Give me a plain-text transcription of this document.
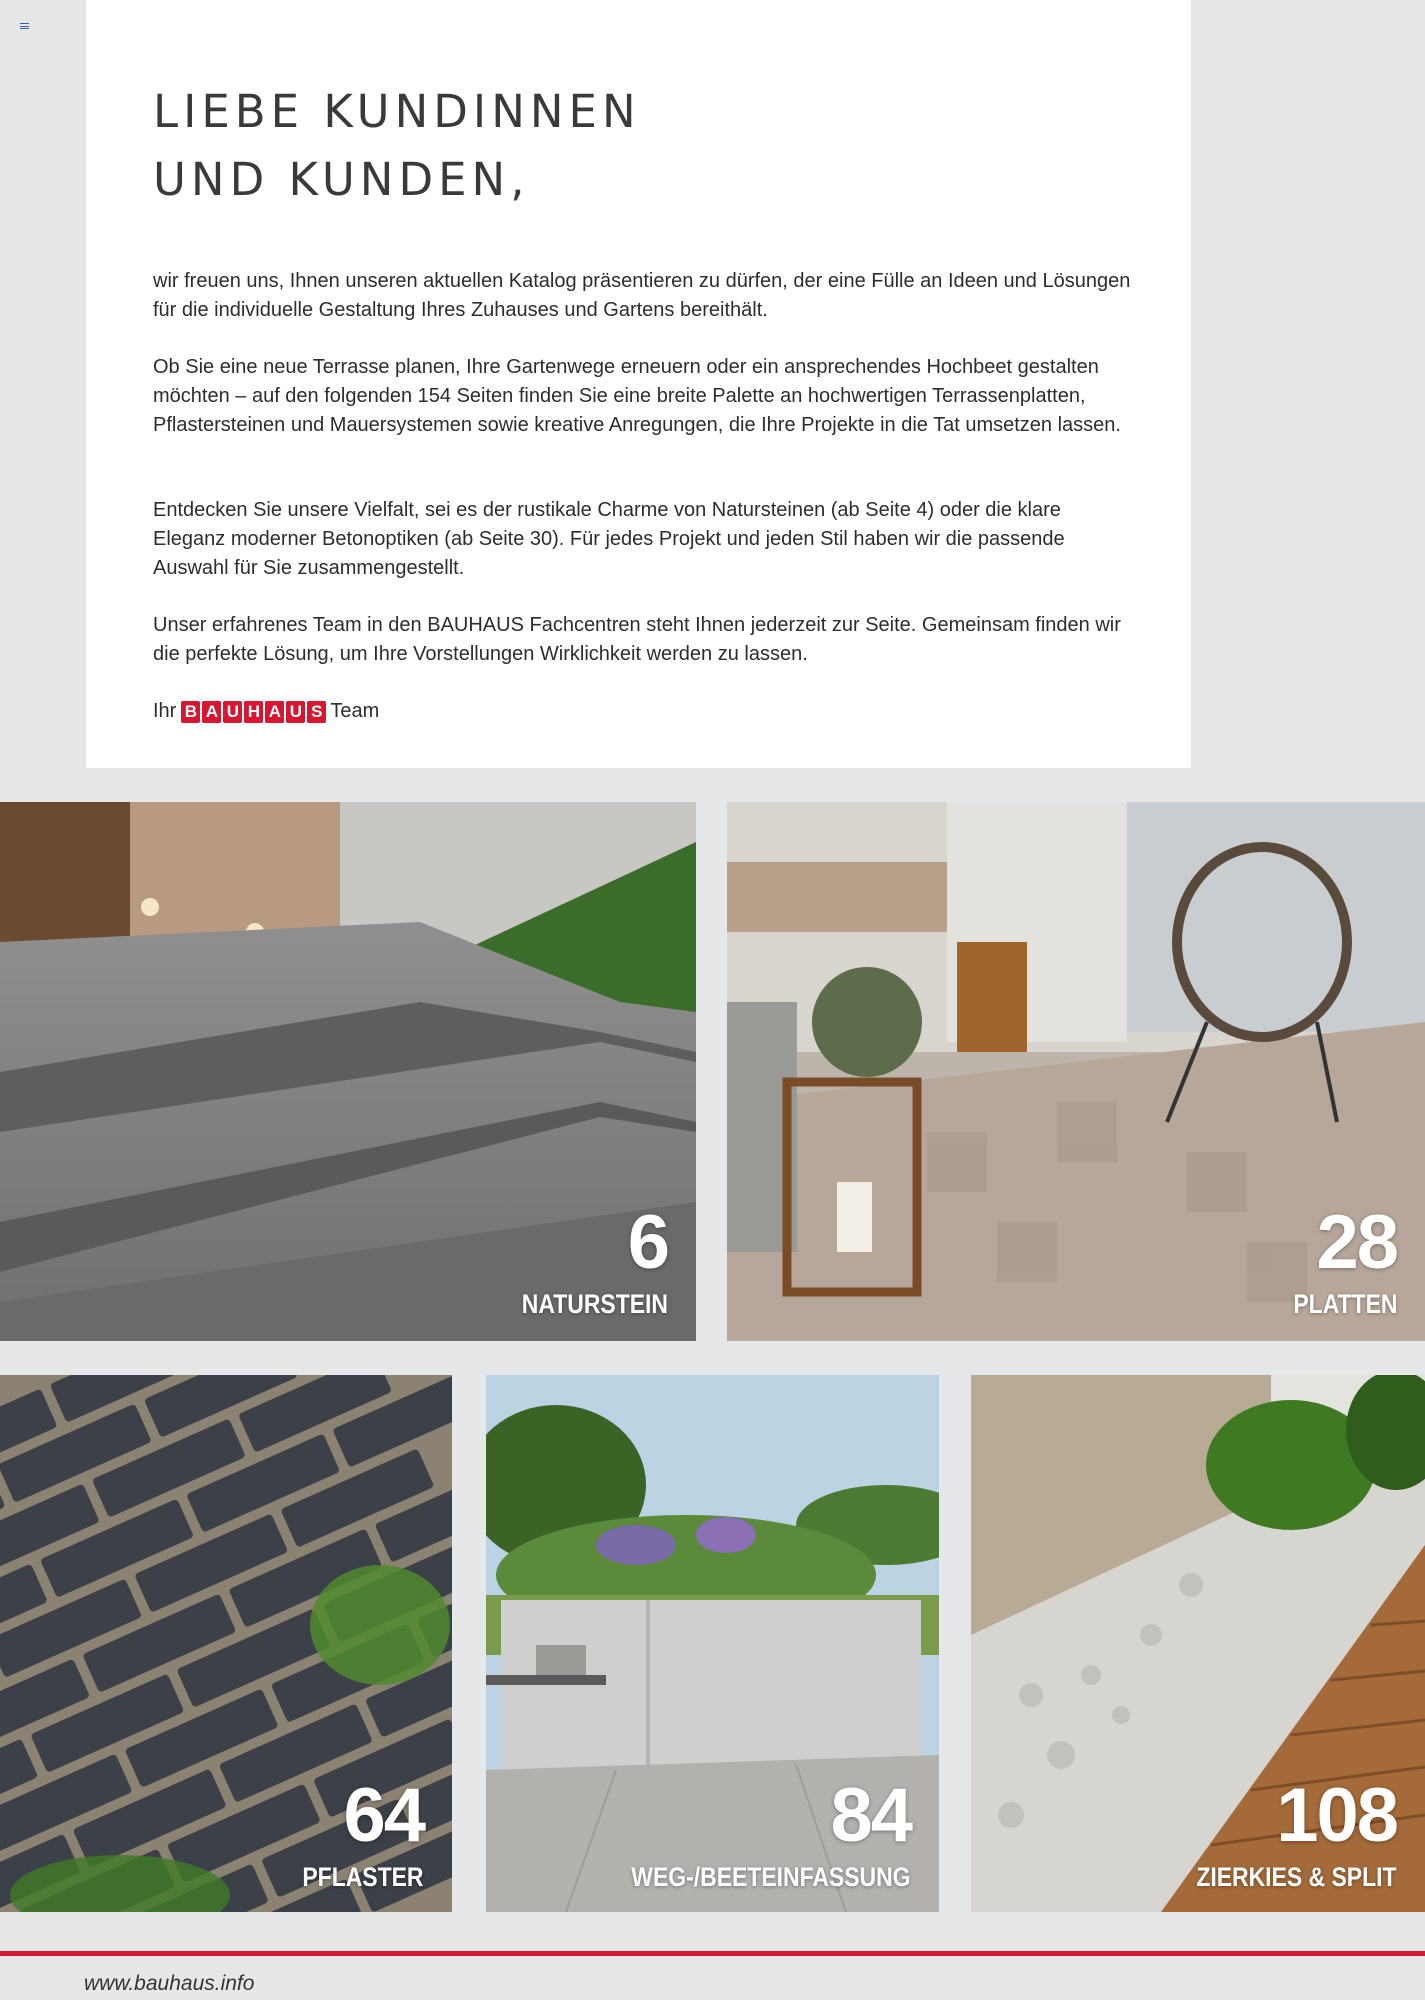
LIEBE KUNDINNEN
UND KUNDEN,

wir freuen uns, Ihnen unseren aktuellen Katalog präsentieren zu dürfen, der eine Fülle an Ideen und Lösungen für die individuelle Gestaltung Ihres Zuhauses und Gartens bereithält.

Ob Sie eine neue Terrasse planen, Ihre Gartenwege erneuern oder ein ansprechendes Hochbeet gestalten möchten – auf den folgenden 154 Seiten finden Sie eine breite Palette an hochwertigen Terrassenplatten, Pflastersteinen und Mauersystemen sowie kreative Anregungen, die Ihre Projekte in die Tat umsetzen lassen.

Entdecken Sie unsere Vielfalt, sei es der rustikale Charme von Natursteinen (ab Seite 4) oder die klare Eleganz moderner Betonoptiken (ab Seite 30). Für jedes Projekt und jeden Stil haben wir die passende Auswahl für Sie zusammengestellt.

Unser erfahrenes Team in den BAUHAUS Fachcentren steht Ihnen jederzeit zur Seite. Gemeinsam finden wir die perfekte Lösung, um Ihre Vorstellungen Wirklichkeit werden zu lassen.

Ihr B A U H A U S Team
6
NATURSTEIN
28
PLATTEN
64
PFLASTER
84
WEG-/BEETEINFASSUNG
108
ZIERKIES & SPLIT
www.bauhaus.info
